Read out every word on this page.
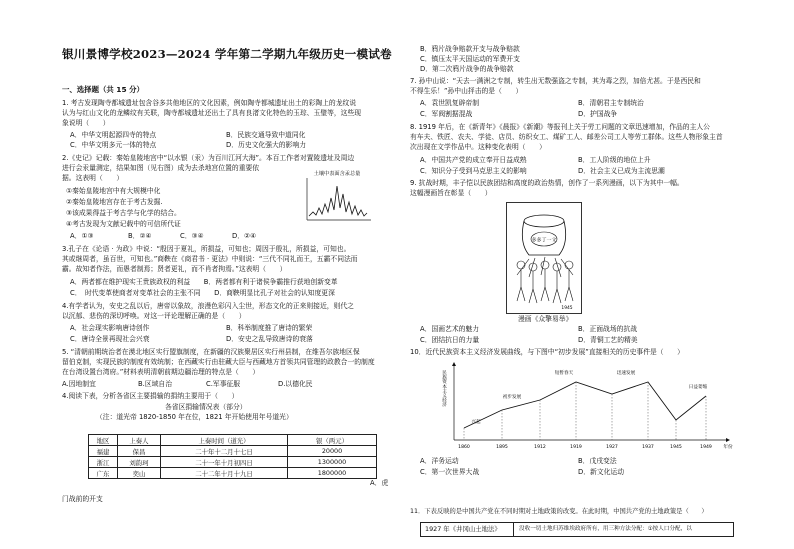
银川景博学校2023—2024 学年第二学期九年级历史一模试卷
一、选择题（共 15 分）
1. 考古发现陶寺都城遗址包含谷多共他地区的文化因素，例如陶寺都城遗址出土的彩陶上的龙纹说
认为与红山文化的龙鳞纹有关联，陶寺都城遗址还出土了具有良渚文化特色的玉琮、玉璧等，这些现
象说明（　　）
A．中华文明起源四寺的特点	B．民族交通导致中道同化
C．中华文明多元一体的特点	D．历史文化强大的影响力
2.《史记》记载：秦始皇陵地宫中“以水银（汞）为百川江河大海”。本百工作者对置陵遗址及周边
进行会汞量测定，结果如图（见右图）成为去杀地宫位置的重要依
据。这表明（　　）
①秦始皇陵地宫中有大规模中化
②秦始皇陵地宫存在于考古发掘.
③该成果得益于考古学与化学的结合。
④考古发现为文献记载中的可信所代证
A．①③	B．②④	C．③④	D．②④
土壤中表面含汞总量
3.孔子在《论语 · 为政》中说：“殷因于夏礼，所损益，可知也；周因于殷礼，所损益，可知也。
其或继周者，虽百世，可知也。”商鞅在《商君书 · 更法》中则说：“三代不同礼而王，五霸不同法而
霸。故知者作法，而愚者制焉；贤者更礼，而不肖者拘焉。”这表明（　　）
A．两者都在维护现实王贵族政权的利益　　B．两者都有利于诸侯争霸推行获地创新变革
C．　时代变革使商者对变革社会的主张不同　　D．商鞅明显比孔子对社会的认知度更深
4.有学者认为，安史之乱以后，唐帝以象故，浪漫色彩闪入尘世，形态文化的正来则接近，则代之
以沉郁、悲伤的深切呼唤。对这一评论理解正确的是（　　）
A．社会现实影响唐诗创作	B．科举制度推了唐诗的繁荣
C．唐诗全景再现社会兴衰	D．安史之乱导致唐诗的衰落
5. “清朝前期统治者在漠北地区实行盟旗制度，在新疆的汉族聚居区实行州县制，在维吾尔族地区保
留伯克制，实现民族的制度有效统制；在西藏实行由驻藏大臣与西藏地方首领共同管理的政教合一的制度
在台湾设置台湾府。”材料表明清朝前期边疆治理的特点是（　　）
A.因地制宜	B.区域自治	C.军事征服	D.以德化民
4.阅读下表，分析各省区主要捐输的捐纳主要用于（　　）
各省区捐输情况表（部分）
（注：道光帝 1820-1850 年在位，1821 年开始使用年号道光）
地区	上奏人	上奏时间（道光）	银（两元）
福建	保昌	二十年十二月十七日	20000
浙江	刘韵珂	二十一年十月初四日	1300000
广东	奕山	二十二年十月十九日	1800000
A．虎
门战前的开支
B．鸦片战争赔款开支与战争赔款
C．镇压太平天国运动的军费开支
D．第二次鸦片战争的战争赔款
7. 孙中山说：“天去一满洲之专制，转生出无数强盗之专制，其为毒之烈，加倍尤甚。于是西民和
不得生乐！”孙中山抨击的是（　　）
A．袁世凯复辟帝制	B．清朝君主专制统治
C．军阀割据混战	D．护国战争
8. 1919 年后，在《新青年》《晨报》《新潮》等报刊上关于劳工问题的文章迅速增加，作品的主人公
有车夫、铁匠、农夫、学徒、店员、纺织女工、煤矿工人、邮差公司工人等劳工群体。这些人物形象主首
次出现在文学作品中。这种变化表明（　　）
A．中国共产党的成立奉开日益成熟	B．工人阶级的地位上升
C．知识分子受到马克思主义的影响	D．社会主义已成为主流思潮
9. 抗战时期，丰子恺以民族团结和高度的政治热情，创作了一系列漫画，以下为其中一幅。
这幅漫画旨在彰显（　　）
多多丁一文
1945
漫画《众擎易举》
A．国画艺术的魅力	B．正面战场的抗战
C．团结抗日的力量	D．青铜工艺的精美
10．近代民族资本主义经济发展曲线，与下图中“初步发展”直接相关的历史事件是（　　）
民族资本主义经济
兴起
初步发展
短暂春天	迅速发展
日益萎缩
1860	1895	1912	1919	1927	1937	1945	1949	年份
A．洋务运动	B．戊戌变法
C．第一次世界大战	D．新文化运动
11．下表反映的是中国共产党在不同时期对土地政策的改变。在此时期，中国共产党的土地政策是（　　）
1927 年《井冈山土地法》	没收一切土地归苏维埃政府所有，用三种方法分配：①按人口分配，以
